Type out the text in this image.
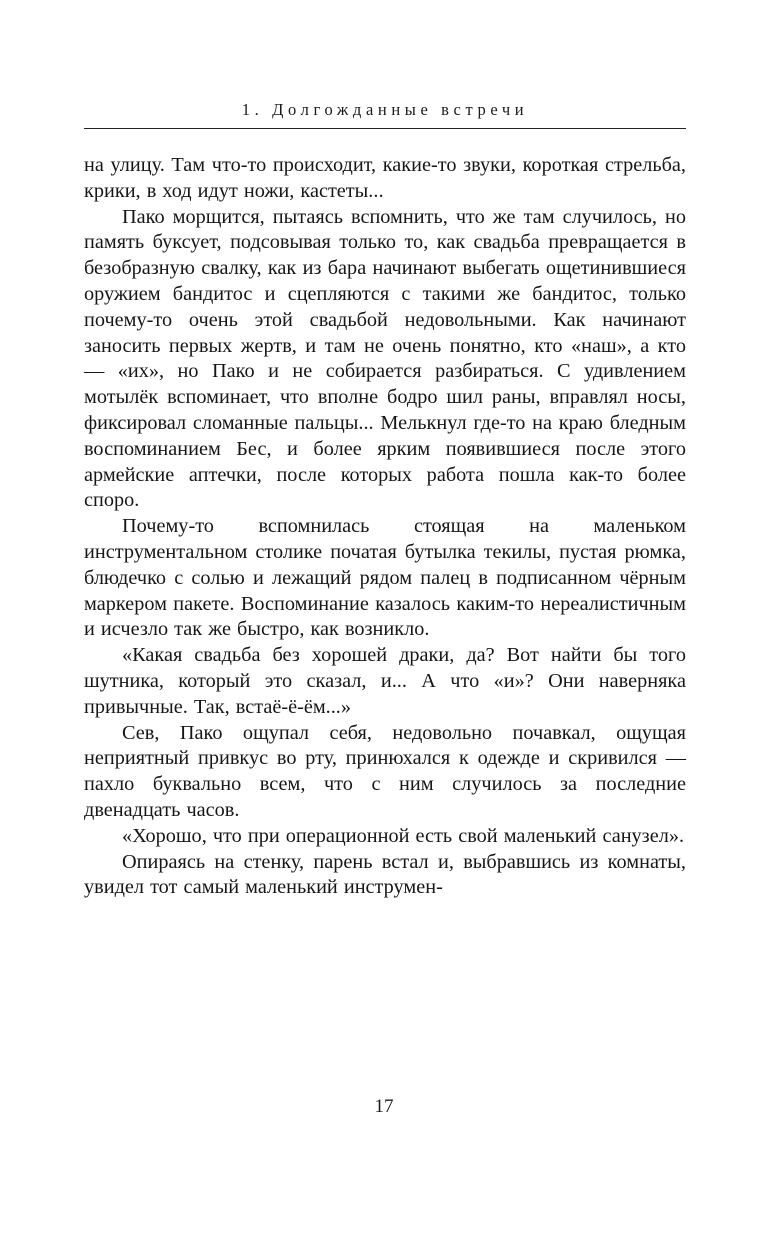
1. Долгожданные встречи

на улицу. Там что-то происходит, какие-то звуки, короткая стрельба, крики, в ход идут ножи, кастеты...

Пако морщится, пытаясь вспомнить, что же там случилось, но память буксует, подсовывая только то, как свадьба превращается в безобразную свалку, как из бара начинают выбегать ощетинившиеся оружием бандитос и сцепляются с такими же бандитос, только почему-то очень этой свадьбой недовольными. Как начинают заносить первых жертв, и там не очень понятно, кто «наш», а кто — «их», но Пако и не собирается разбираться. С удивлением мотылёк вспоминает, что вполне бодро шил раны, вправлял носы, фиксировал сломанные пальцы... Мелькнул где-то на краю бледным воспоминанием Бес, и более ярким появившиеся после этого армейские аптечки, после которых работа пошла как-то более споро.

Почему-то вспомнилась стоящая на маленьком инструментальном столике початая бутылка текилы, пустая рюмка, блюдечко с солью и лежащий рядом палец в подписанном чёрным маркером пакете. Воспоминание казалось каким-то нереалистичным и исчезло так же быстро, как возникло.

«Какая свадьба без хорошей драки, да? Вот найти бы того шутника, который это сказал, и... А что «и»? Они наверняка привычные. Так, встаё-ё-ём...»

Сев, Пако ощупал себя, недовольно почавкал, ощущая неприятный привкус во рту, принюхался к одежде и скривился — пахло буквально всем, что с ним случилось за последние двенадцать часов.

«Хорошо, что при операционной есть свой маленький санузел».

Опираясь на стенку, парень встал и, выбравшись из комнаты, увидел тот самый маленький инструмен-

17
